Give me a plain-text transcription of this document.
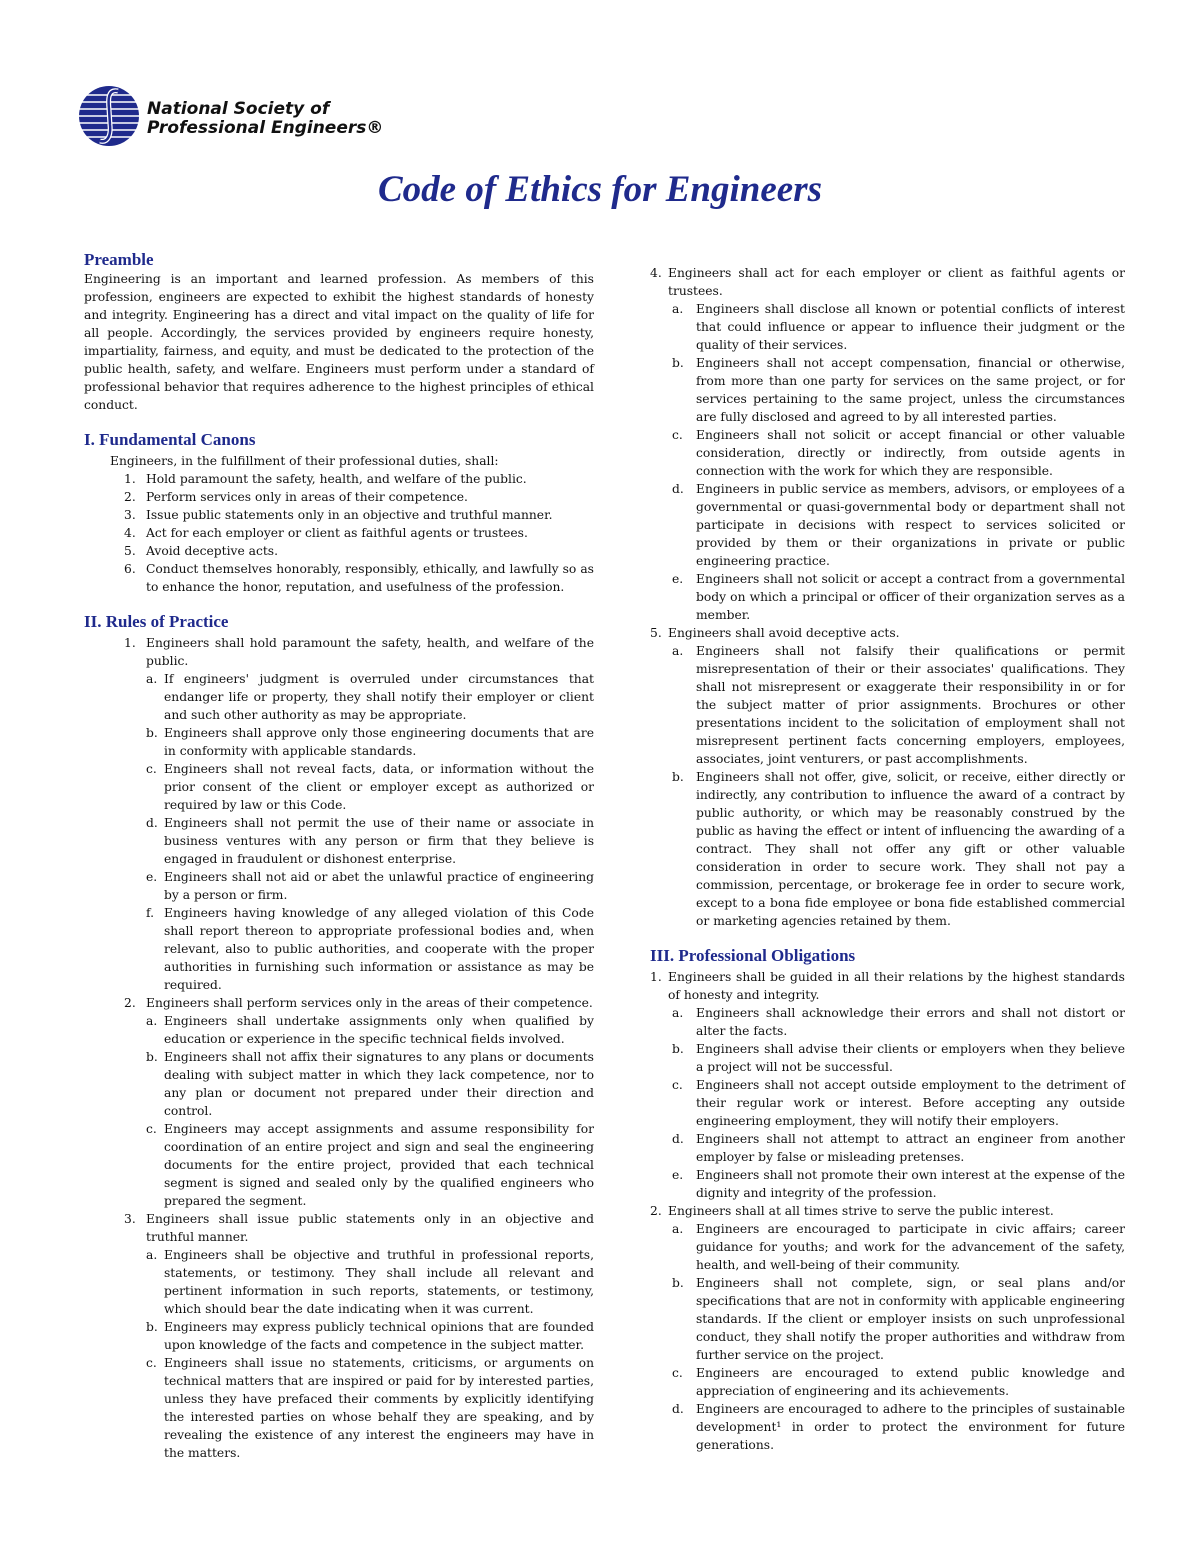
National Society of
Professional Engineers®
Code of Ethics for Engineers
Preamble

Engineering is an important and learned profession. As members of this profession, engineers are expected to exhibit the highest standards of honesty and integrity. Engineering has a direct and vital impact on the quality of life for all people. Accordingly, the services provided by engineers require honesty, impartiality, fairness, and equity, and must be dedicated to the protection of the public health, safety, and welfare. Engineers must perform under a standard of professional behavior that requires adherence to the highest principles of ethical conduct.

I. Fundamental Canons
Engineers, in the fulfillment of their professional duties, shall:
1. Hold paramount the safety, health, and welfare of the public.
2. Perform services only in areas of their competence.
3. Issue public statements only in an objective and truthful manner.
4. Act for each employer or client as faithful agents or trustees.
5. Avoid deceptive acts.
6. Conduct themselves honorably, responsibly, ethically, and lawfully so as to enhance the honor, reputation, and usefulness of the profession.
II. Rules of Practice
1. Engineers shall hold paramount the safety, health, and welfare of the public.
a. If engineers' judgment is overruled under circumstances that endanger life or property, they shall notify their employer or client and such other authority as may be appropriate.
b. Engineers shall approve only those engineering documents that are in conformity with applicable standards.
c. Engineers shall not reveal facts, data, or information without the prior consent of the client or employer except as authorized or required by law or this Code.
d. Engineers shall not permit the use of their name or associate in business ventures with any person or firm that they believe is engaged in fraudulent or dishonest enterprise.
e. Engineers shall not aid or abet the unlawful practice of engineering by a person or firm.
f. Engineers having knowledge of any alleged violation of this Code shall report thereon to appropriate professional bodies and, when relevant, also to public authorities, and cooperate with the proper authorities in furnishing such information or assistance as may be required.
2. Engineers shall perform services only in the areas of their competence.
a. Engineers shall undertake assignments only when qualified by education or experience in the specific technical fields involved.
b. Engineers shall not affix their signatures to any plans or documents dealing with subject matter in which they lack competence, nor to any plan or document not prepared under their direction and control.
c. Engineers may accept assignments and assume responsibility for coordination of an entire project and sign and seal the engineering documents for the entire project, provided that each technical segment is signed and sealed only by the qualified engineers who prepared the segment.
3. Engineers shall issue public statements only in an objective and truthful manner.
a. Engineers shall be objective and truthful in professional reports, statements, or testimony. They shall include all relevant and pertinent information in such reports, statements, or testimony, which should bear the date indicating when it was current.
b. Engineers may express publicly technical opinions that are founded upon knowledge of the facts and competence in the subject matter.
c. Engineers shall issue no statements, criticisms, or arguments on technical matters that are inspired or paid for by interested parties, unless they have prefaced their comments by explicitly identifying the interested parties on whose behalf they are speaking, and by revealing the existence of any interest the engineers may have in the matters.
4. Engineers shall act for each employer or client as faithful agents or trustees.
a.	Engineers shall disclose all known or potential conflicts of interest that could influence or appear to influence their judgment or the quality of their services.
b. Engineers shall not accept compensation, financial or otherwise, from more than one party for services on the same project, or for services pertaining to the same project, unless the circumstances are fully disclosed and agreed to by all interested parties.
c.	Engineers shall not solicit or accept financial or other valuable consideration, directly or indirectly, from outside agents in connection with the work for which they are responsible.
d. Engineers in public service as members, advisors, or employees of a governmental or quasi-governmental body or department shall not participate in decisions with respect to services solicited or provided by them or their organizations in private or public engineering practice.
e.	Engineers shall not solicit or accept a contract from a governmental body on which a principal or officer of their organization serves as a member.
5. Engineers shall avoid deceptive acts.
a.	Engineers shall not falsify their qualifications or permit misrepresentation of their or their associates' qualifications. They shall not misrepresent or exaggerate their responsibility in or for the subject matter of prior assignments. Brochures or other presentations incident to the solicitation of employment shall not misrepresent pertinent facts concerning employers, employees, associates, joint venturers, or past accomplishments.
b. Engineers shall not offer, give, solicit, or receive, either directly or indirectly, any contribution to influence the award of a contract by public authority, or which may be reasonably construed by the public as having the effect or intent of influencing the awarding of a contract. They shall not offer any gift or other valuable consideration in order to secure work. They shall not pay a commission, percentage, or brokerage fee in order to secure work, except to a bona fide employee or bona fide established commercial or marketing agencies retained by them.
III. Professional Obligations
1. Engineers shall be guided in all their relations by the highest standards of honesty and integrity.
a.	Engineers shall acknowledge their errors and shall not distort or alter the facts.
b. Engineers shall advise their clients or employers when they believe a project will not be successful.
c.	Engineers shall not accept outside employment to the detriment of their regular work or interest. Before accepting any outside engineering employment, they will notify their employers.
d. Engineers shall not attempt to attract an engineer from another employer by false or misleading pretenses.
e.	Engineers shall not promote their own interest at the expense of the dignity and integrity of the profession.
2. Engineers shall at all times strive to serve the public interest.
a.	Engineers are encouraged to participate in civic affairs; career guidance for youths; and work for the advancement of the safety, health, and well-being of their community.
b. Engineers shall not complete, sign, or seal plans and/or specifications that are not in conformity with applicable engineering standards. If the client or employer insists on such unprofessional conduct, they shall notify the proper authorities and withdraw from further service on the project.
c.	Engineers are encouraged to extend public knowledge and appreciation of engineering and its achievements.
d. Engineers are encouraged to adhere to the principles of sustainable development¹ in order to protect the environment for future generations.
